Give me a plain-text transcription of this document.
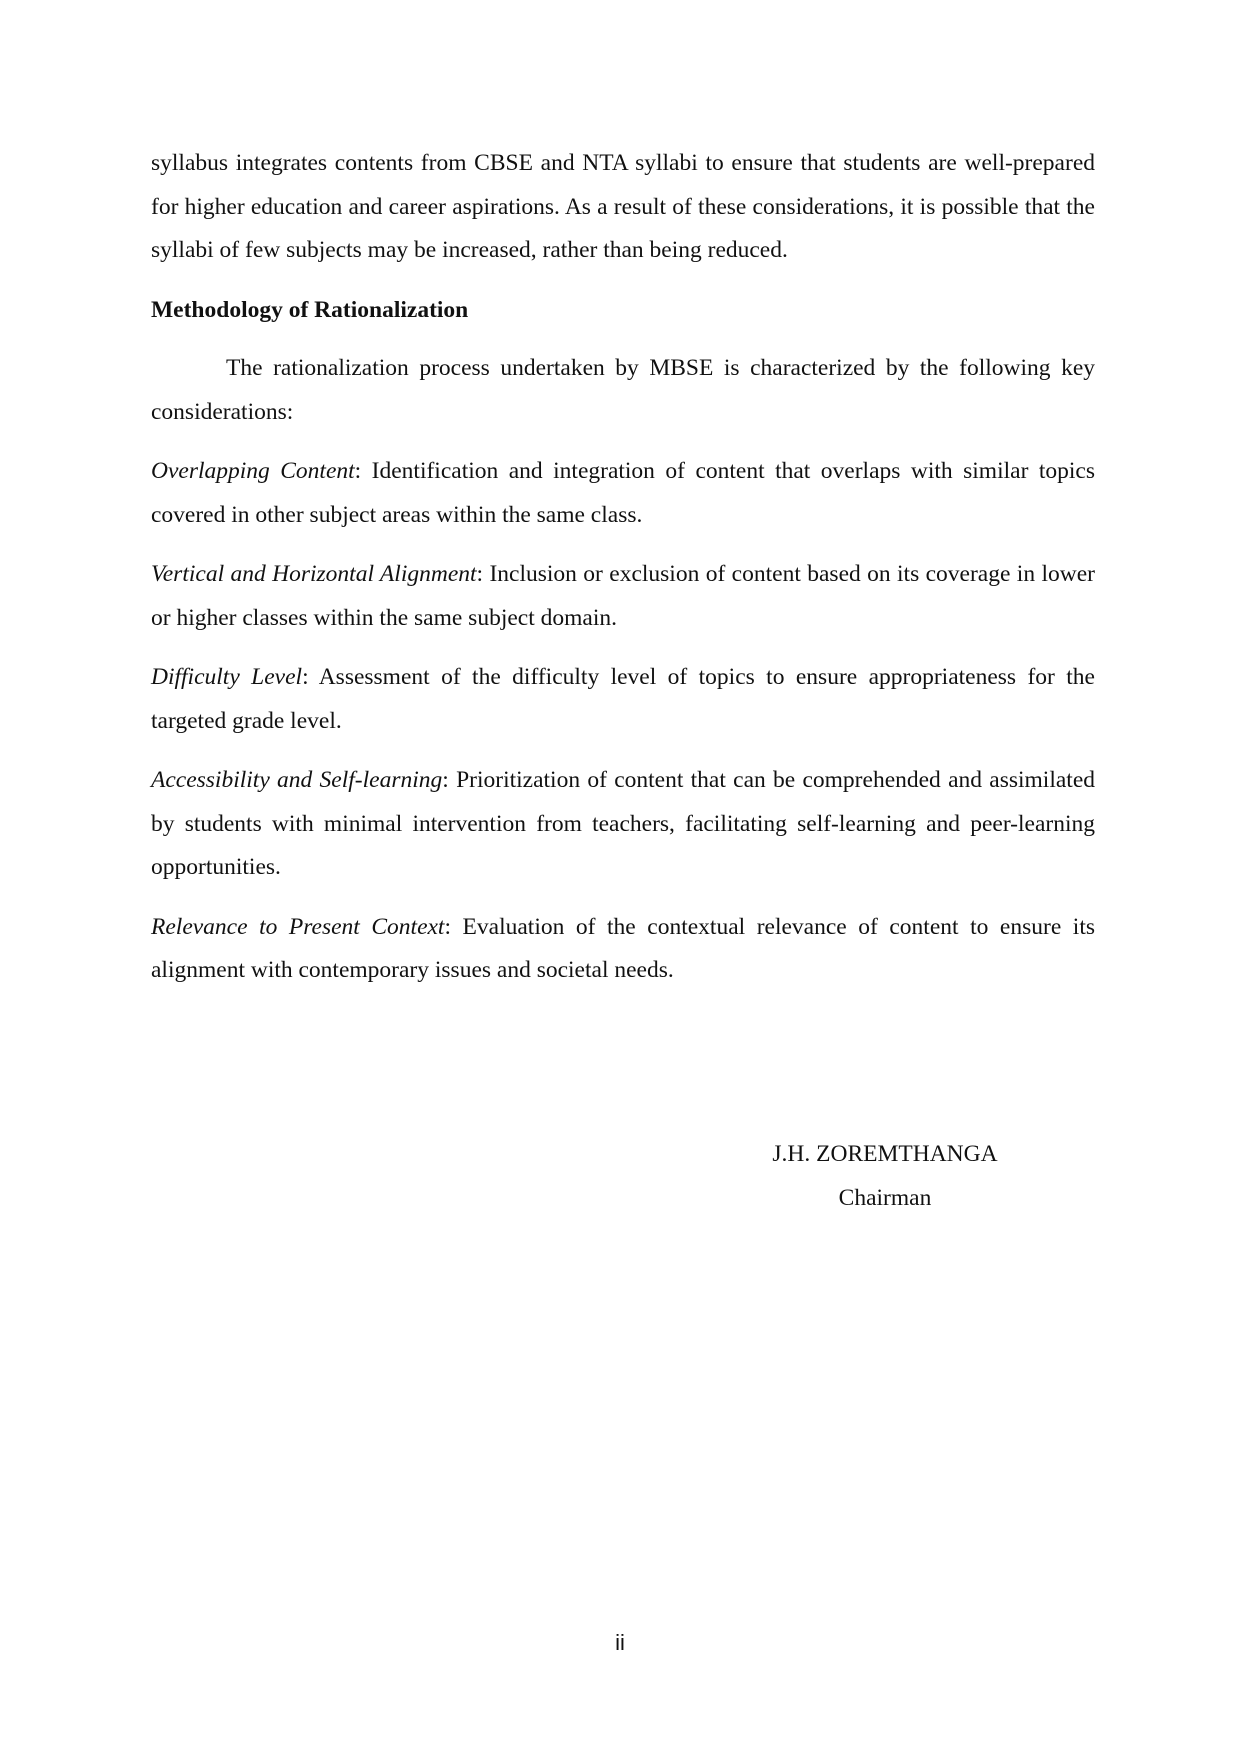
syllabus integrates contents from CBSE and NTA syllabi to ensure that students are well-prepared for higher education and career aspirations. As a result of these considerations, it is possible that the syllabi of few subjects may be increased, rather than being reduced.

Methodology of Rationalization

The rationalization process undertaken by MBSE is characterized by the following key considerations:

Overlapping Content: Identification and integration of content that overlaps with similar topics covered in other subject areas within the same class.

Vertical and Horizontal Alignment: Inclusion or exclusion of content based on its coverage in lower or higher classes within the same subject domain.

Difficulty Level: Assessment of the difficulty level of topics to ensure appropriateness for the targeted grade level.

Accessibility and Self-learning: Prioritization of content that can be comprehended and assimilated by students with minimal intervention from teachers, facilitating self-learning and peer-learning opportunities.

Relevance to Present Context: Evaluation of the contextual relevance of content to ensure its alignment with contemporary issues and societal needs.

J.H. ZOREMTHANGA
Chairman
ii
